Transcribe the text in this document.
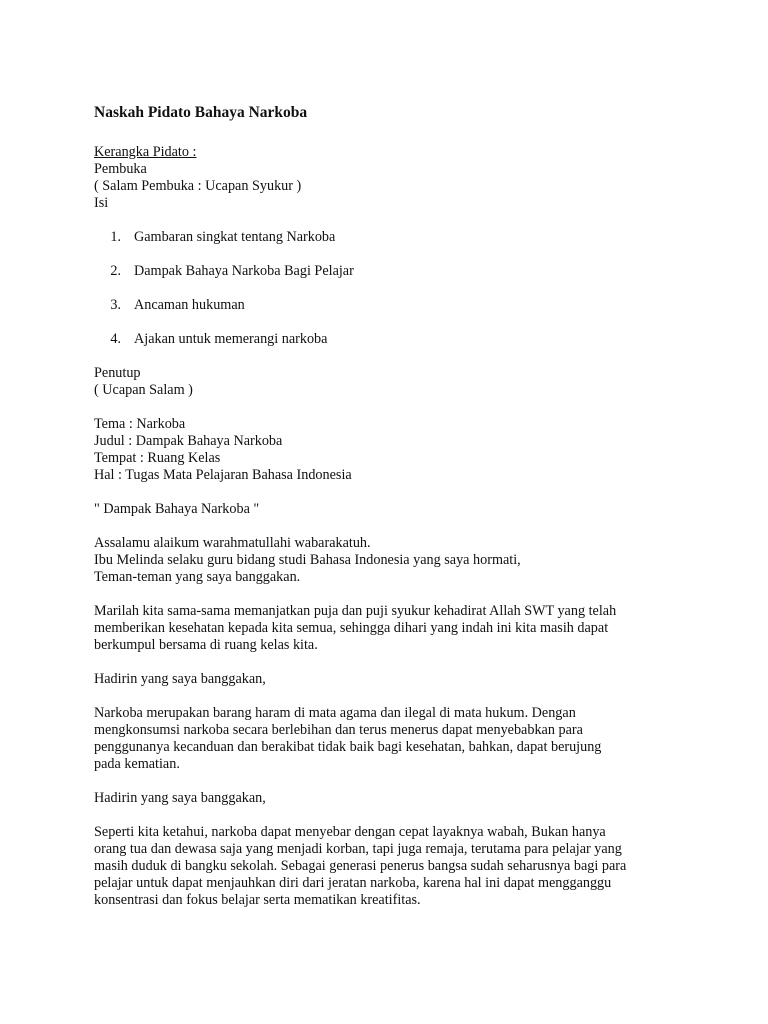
Naskah Pidato Bahaya Narkoba
Kerangka Pidato :
Pembuka
( Salam Pembuka : Ucapan Syukur )
Isi
1. Gambaran singkat tentang Narkoba
2. Dampak Bahaya Narkoba Bagi Pelajar
3. Ancaman hukuman
4. Ajakan untuk memerangi narkoba
Penutup
( Ucapan Salam )
Tema : Narkoba
Judul : Dampak Bahaya Narkoba
Tempat : Ruang Kelas
Hal : Tugas Mata Pelajaran Bahasa Indonesia
" Dampak Bahaya Narkoba "
Assalamu alaikum warahmatullahi wabarakatuh.
Ibu Melinda selaku guru bidang studi Bahasa Indonesia yang saya hormati,
Teman-teman yang saya banggakan.
Marilah kita sama-sama memanjatkan puja dan puji syukur kehadirat Allah SWT yang telah
memberikan kesehatan kepada kita semua, sehingga dihari yang indah ini kita masih dapat
berkumpul bersama di ruang kelas kita.
Hadirin yang saya banggakan,
Narkoba merupakan barang haram di mata agama dan ilegal di mata hukum. Dengan
mengkonsumsi narkoba secara berlebihan dan terus menerus dapat menyebabkan para
penggunanya kecanduan dan berakibat tidak baik bagi kesehatan, bahkan, dapat berujung
pada kematian.
Hadirin yang saya banggakan,
Seperti kita ketahui, narkoba dapat menyebar dengan cepat layaknya wabah, Bukan hanya
orang tua dan dewasa saja yang menjadi korban, tapi juga remaja, terutama para pelajar yang
masih duduk di bangku sekolah. Sebagai generasi penerus bangsa sudah seharusnya bagi para
pelajar untuk dapat menjauhkan diri dari jeratan narkoba, karena hal ini dapat mengganggu
konsentrasi dan fokus belajar serta mematikan kreatifitas.
